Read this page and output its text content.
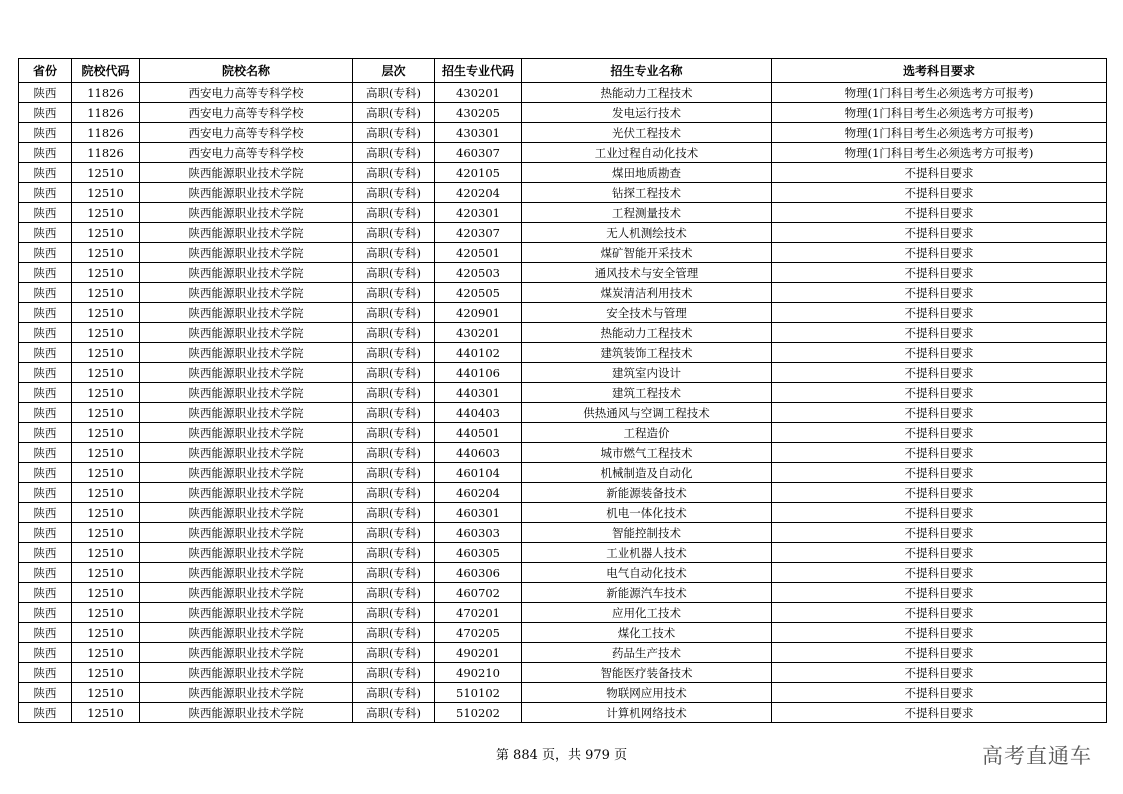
省份	院校代码	院校名称	层次	招生专业代码	招生专业名称	选考科目要求
陕西	11826	西安电力高等专科学校	高职(专科)	430201	热能动力工程技术	物理(1门科目考生必须选考方可报考)
陕西	11826	西安电力高等专科学校	高职(专科)	430205	发电运行技术	物理(1门科目考生必须选考方可报考)
陕西	11826	西安电力高等专科学校	高职(专科)	430301	光伏工程技术	物理(1门科目考生必须选考方可报考)
陕西	11826	西安电力高等专科学校	高职(专科)	460307	工业过程自动化技术	物理(1门科目考生必须选考方可报考)
陕西	12510	陕西能源职业技术学院	高职(专科)	420105	煤田地质勘查	不提科目要求
陕西	12510	陕西能源职业技术学院	高职(专科)	420204	钻探工程技术	不提科目要求
陕西	12510	陕西能源职业技术学院	高职(专科)	420301	工程测量技术	不提科目要求
陕西	12510	陕西能源职业技术学院	高职(专科)	420307	无人机测绘技术	不提科目要求
陕西	12510	陕西能源职业技术学院	高职(专科)	420501	煤矿智能开采技术	不提科目要求
陕西	12510	陕西能源职业技术学院	高职(专科)	420503	通风技术与安全管理	不提科目要求
陕西	12510	陕西能源职业技术学院	高职(专科)	420505	煤炭清洁利用技术	不提科目要求
陕西	12510	陕西能源职业技术学院	高职(专科)	420901	安全技术与管理	不提科目要求
陕西	12510	陕西能源职业技术学院	高职(专科)	430201	热能动力工程技术	不提科目要求
陕西	12510	陕西能源职业技术学院	高职(专科)	440102	建筑装饰工程技术	不提科目要求
陕西	12510	陕西能源职业技术学院	高职(专科)	440106	建筑室内设计	不提科目要求
陕西	12510	陕西能源职业技术学院	高职(专科)	440301	建筑工程技术	不提科目要求
陕西	12510	陕西能源职业技术学院	高职(专科)	440403	供热通风与空调工程技术	不提科目要求
陕西	12510	陕西能源职业技术学院	高职(专科)	440501	工程造价	不提科目要求
陕西	12510	陕西能源职业技术学院	高职(专科)	440603	城市燃气工程技术	不提科目要求
陕西	12510	陕西能源职业技术学院	高职(专科)	460104	机械制造及自动化	不提科目要求
陕西	12510	陕西能源职业技术学院	高职(专科)	460204	新能源装备技术	不提科目要求
陕西	12510	陕西能源职业技术学院	高职(专科)	460301	机电一体化技术	不提科目要求
陕西	12510	陕西能源职业技术学院	高职(专科)	460303	智能控制技术	不提科目要求
陕西	12510	陕西能源职业技术学院	高职(专科)	460305	工业机器人技术	不提科目要求
陕西	12510	陕西能源职业技术学院	高职(专科)	460306	电气自动化技术	不提科目要求
陕西	12510	陕西能源职业技术学院	高职(专科)	460702	新能源汽车技术	不提科目要求
陕西	12510	陕西能源职业技术学院	高职(专科)	470201	应用化工技术	不提科目要求
陕西	12510	陕西能源职业技术学院	高职(专科)	470205	煤化工技术	不提科目要求
陕西	12510	陕西能源职业技术学院	高职(专科)	490201	药品生产技术	不提科目要求
陕西	12510	陕西能源职业技术学院	高职(专科)	490210	智能医疗装备技术	不提科目要求
陕西	12510	陕西能源职业技术学院	高职(专科)	510102	物联网应用技术	不提科目要求
陕西	12510	陕西能源职业技术学院	高职(专科)	510202	计算机网络技术	不提科目要求
第 884 页，共 979 页	高考直通车
